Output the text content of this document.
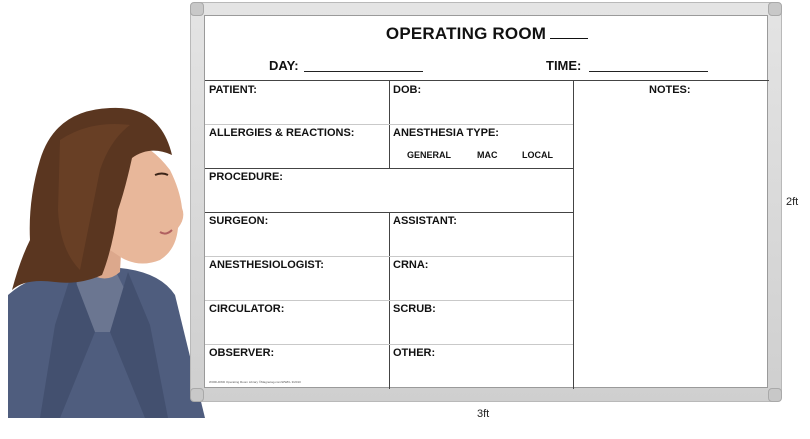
OPERATING ROOM
DAY:	TIME:
PATIENT:	DOB:	NOTES:
ALLERGIES & REACTIONS:	ANESTHESIA TYPE:
GENERAL	MAC	LOCAL
PROCEDURE:
SURGEON:	ASSISTANT:
ANESTHESIOLOGIST:	CRNA:
CIRCULATOR:	SCRUB:
OBSERVER:	OTHER:
WORLDWD Operating Room Library ©Magnetag.com/WWFL 3/2010
2ft
3ft
